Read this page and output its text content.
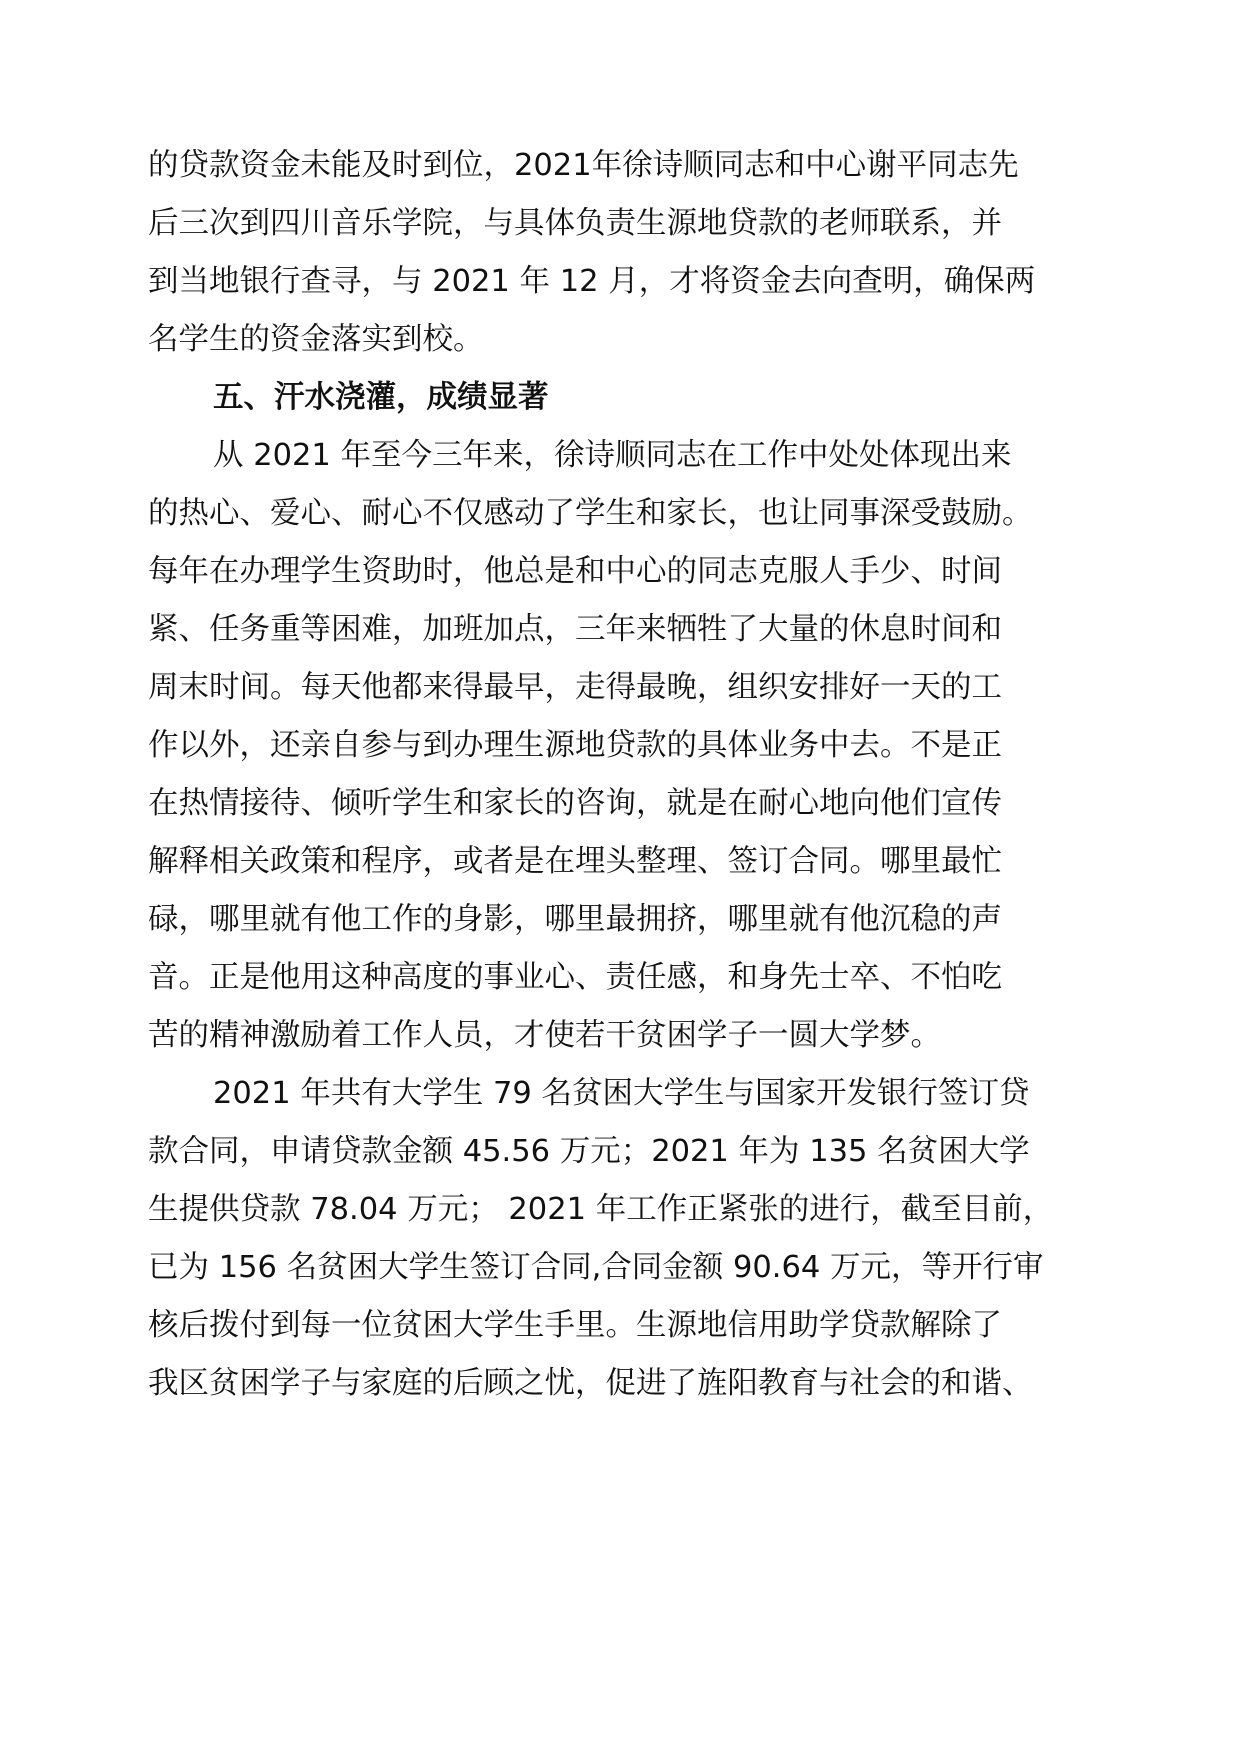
的贷款资金未能及时到位，2021年徐诗顺同志和中心谢平同志先
后三次到四川音乐学院，与具体负责生源地贷款的老师联系，并
到当地银行查寻，与 2021 年 12 月，才将资金去向查明，确保两
名学生的资金落实到校。
五、汗水浇灌，成绩显著
从 2021 年至今三年来，徐诗顺同志在工作中处处体现出来
的热心、爱心、耐心不仅感动了学生和家长，也让同事深受鼓励。
每年在办理学生资助时，他总是和中心的同志克服人手少、时间
紧、任务重等困难，加班加点，三年来牺牲了大量的休息时间和
周末时间。每天他都来得最早，走得最晚，组织安排好一天的工
作以外，还亲自参与到办理生源地贷款的具体业务中去。不是正
在热情接待、倾听学生和家长的咨询，就是在耐心地向他们宣传
解释相关政策和程序，或者是在埋头整理、签订合同。哪里最忙
碌，哪里就有他工作的身影，哪里最拥挤，哪里就有他沉稳的声
音。正是他用这种高度的事业心、责任感，和身先士卒、不怕吃
苦的精神激励着工作人员，才使若干贫困学子一圆大学梦。
2021 年共有大学生 79 名贫困大学生与国家开发银行签订贷
款合同，申请贷款金额 45.56 万元；2021 年为 135 名贫困大学
生提供贷款 78.04 万元； 2021 年工作正紧张的进行，截至目前，
已为 156 名贫困大学生签订合同,合同金额 90.64 万元，等开行审
核后拨付到每一位贫困大学生手里。生源地信用助学贷款解除了
我区贫困学子与家庭的后顾之忧，促进了旌阳教育与社会的和谐、
